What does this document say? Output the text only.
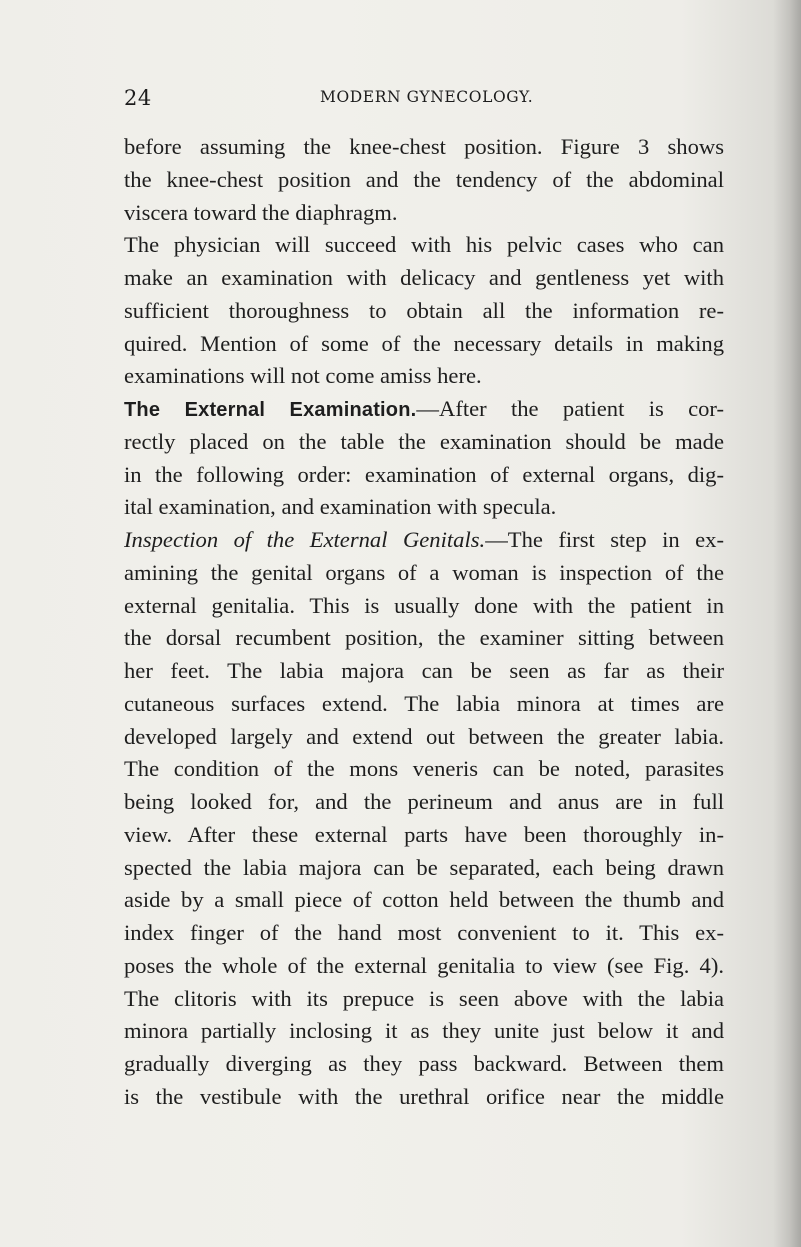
24	MODERN GYNECOLOGY.
before assuming the knee-chest position. Figure 3 shows
the knee-chest position and the tendency of the abdominal
viscera toward the diaphragm.
The physician will succeed with his pelvic cases who can
make an examination with delicacy and gentleness yet with
sufficient thoroughness to obtain all the information re-
quired. Mention of some of the necessary details in making
examinations will not come amiss here.
The External Examination.—After the patient is cor-
rectly placed on the table the examination should be made
in the following order: examination of external organs, dig-
ital examination, and examination with specula.
Inspection of the External Genitals.—The first step in ex-
amining the genital organs of a woman is inspection of the
external genitalia. This is usually done with the patient in
the dorsal recumbent position, the examiner sitting between
her feet. The labia majora can be seen as far as their
cutaneous surfaces extend. The labia minora at times are
developed largely and extend out between the greater labia.
The condition of the mons veneris can be noted, parasites
being looked for, and the perineum and anus are in full
view. After these external parts have been thoroughly in-
spected the labia majora can be separated, each being drawn
aside by a small piece of cotton held between the thumb and
index finger of the hand most convenient to it. This ex-
poses the whole of the external genitalia to view (see Fig. 4).
The clitoris with its prepuce is seen above with the labia
minora partially inclosing it as they unite just below it and
gradually diverging as they pass backward. Between them
is the vestibule with the urethral orifice near the middle
